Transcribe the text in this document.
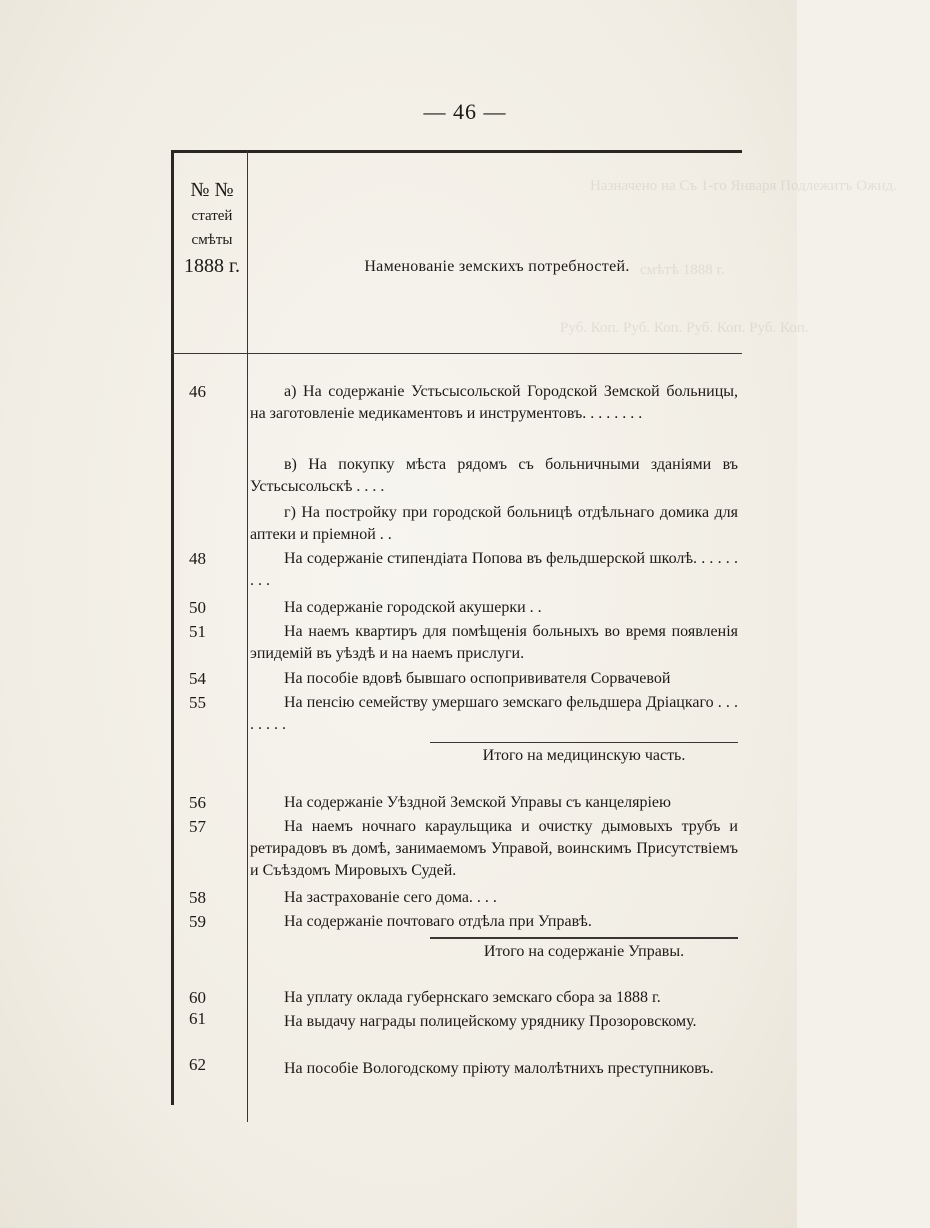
Назначено на Съ 1-го Января Подлежитъ Ожид.
смѣтѣ 1888 г.
Руб. Коп. Руб. Коп. Руб. Коп. Руб. Коп.
— 46 —
№ №
статей
смѣты
1888 г.	Наменованіе земскихъ потребностей.
46	а) На содержаніе Устьсысольской Городской Земской больницы, на заготовленіе медикаментовъ и инструментовъ. . . . . . . .
в) На покупку мѣста рядомъ съ больничными зданіями въ Устьсысольскѣ . . . .
г) На постройку при городской больницѣ отдѣльнаго домика для аптеки и пріемной . .
48	На содержаніе стипендіата Попова въ фельдшерской школѣ. . . . . . . . .
50	На содержаніе городской акушерки . .
51	На наемъ квартиръ для помѣщенія больныхъ во время появленія эпидемій въ уѣздѣ и на наемъ прислуги.
54	На пособіе вдовѣ бывшаго оспопрививателя Сорвачевой
55	На пенсію семейству умершаго земскаго фельдшера Дріацкаго . . . . . . . .
Итого на медицинскую часть.
56	На содержаніе Уѣздной Земской Управы съ канцеляріею
57	На наемъ ночнаго караульщика и очистку дымовыхъ трубъ и ретирадовъ въ домѣ, занимаемомъ Управой, воинскимъ Присутствіемъ и Съѣздомъ Мировыхъ Судей.
58	На застрахованіе сего дома. . . .
59	На содержаніе почтоваго отдѣла при Управѣ.
Итого на содержаніе Управы.
60	На уплату оклада губернскаго земскаго сбора за 1888 г.
61	На выдачу награды полицейскому уряднику Прозоровскому.
62	На пособіе Вологодскому пріюту малолѣтнихъ преступниковъ.
